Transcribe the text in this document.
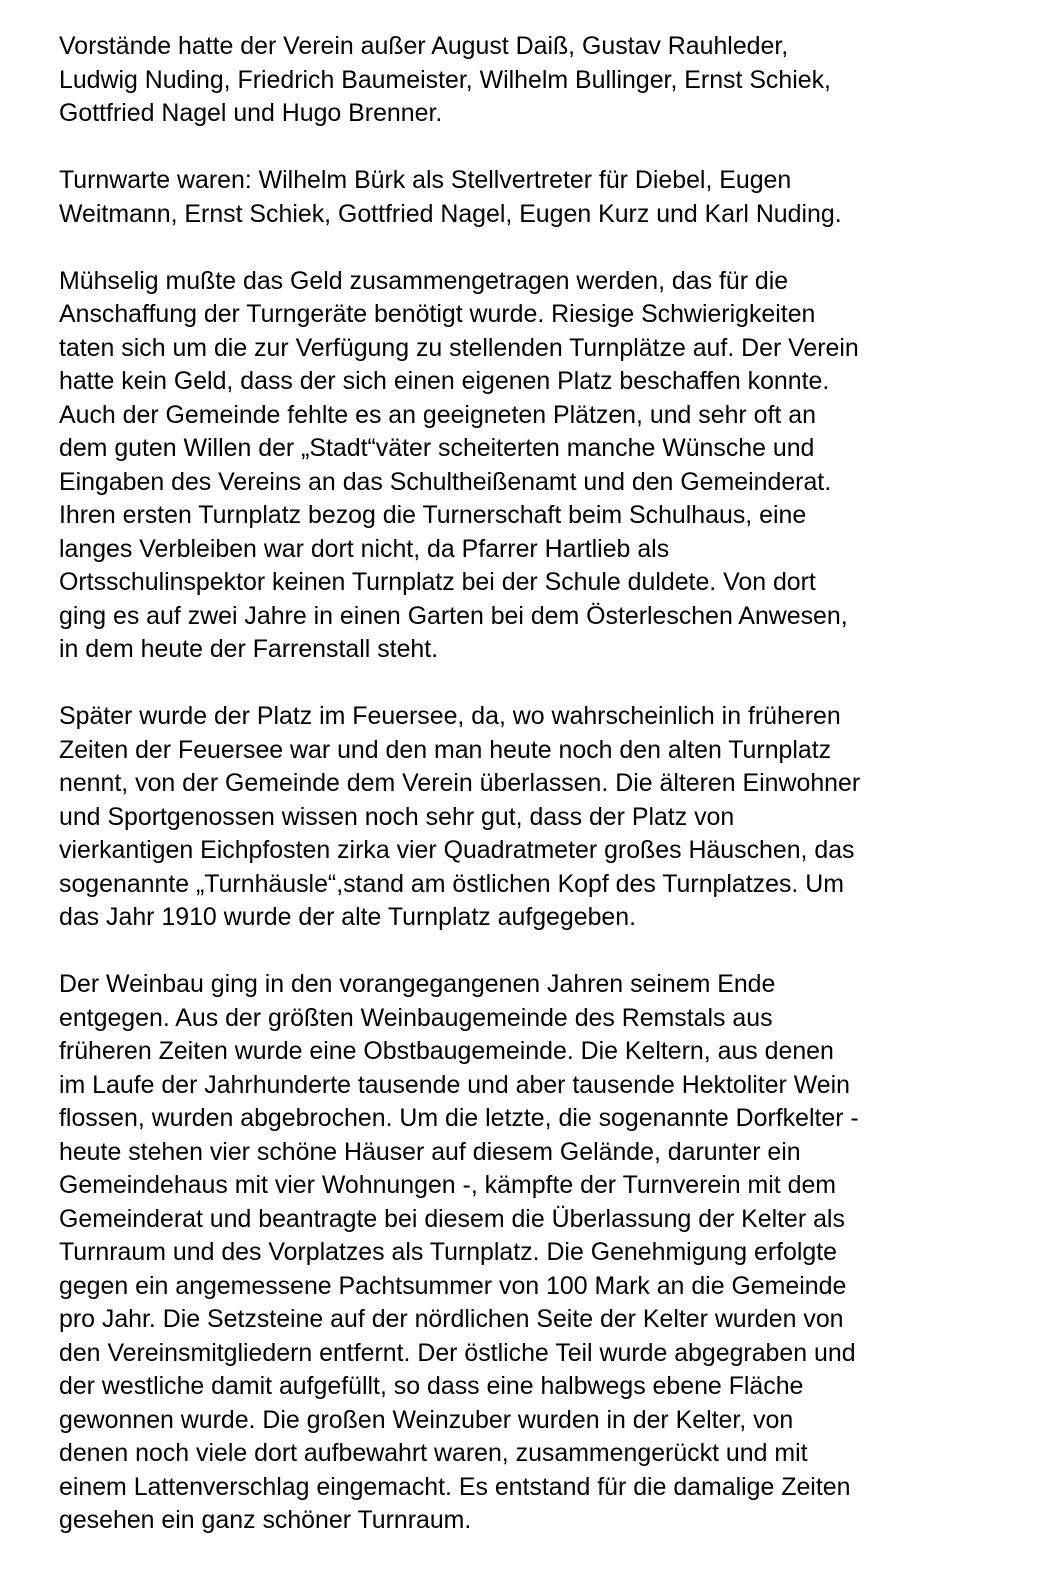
Vorstände hatte der Verein außer August Daiß, Gustav Rauhleder,
Ludwig Nuding, Friedrich Baumeister, Wilhelm Bullinger, Ernst Schiek,
Gottfried Nagel und Hugo Brenner.

Turnwarte waren: Wilhelm Bürk als Stellvertreter für Diebel, Eugen
Weitmann, Ernst Schiek, Gottfried Nagel, Eugen Kurz und Karl Nuding.

Mühselig mußte das Geld zusammengetragen werden, das für die
Anschaffung der Turngeräte benötigt wurde. Riesige Schwierigkeiten
taten sich um die zur Verfügung zu stellenden Turnplätze auf. Der Verein
hatte kein Geld, dass der sich einen eigenen Platz beschaffen konnte.
Auch der Gemeinde fehlte es an geeigneten Plätzen, und sehr oft an
dem guten Willen der „Stadt“väter scheiterten manche Wünsche und
Eingaben des Vereins an das Schultheißenamt und den Gemeinderat.
Ihren ersten Turnplatz bezog die Turnerschaft beim Schulhaus, eine
langes Verbleiben war dort nicht, da Pfarrer Hartlieb als
Ortsschulinspektor keinen Turnplatz bei der Schule duldete. Von dort
ging es auf zwei Jahre in einen Garten bei dem Österleschen Anwesen,
in dem heute der Farrenstall steht.

Später wurde der Platz im Feuersee, da, wo wahrscheinlich in früheren
Zeiten der Feuersee war und den man heute noch den alten Turnplatz
nennt, von der Gemeinde dem Verein überlassen. Die älteren Einwohner
und Sportgenossen wissen noch sehr gut, dass der Platz von
vierkantigen Eichpfosten zirka vier Quadratmeter großes Häuschen, das
sogenannte „Turnhäusle“,stand am östlichen Kopf des Turnplatzes. Um
das Jahr 1910 wurde der alte Turnplatz aufgegeben.

Der Weinbau ging in den vorangegangenen Jahren seinem Ende
entgegen. Aus der größten Weinbaugemeinde des Remstals aus
früheren Zeiten wurde eine Obstbaugemeinde. Die Keltern, aus denen
im Laufe der Jahrhunderte tausende und aber tausende Hektoliter Wein
flossen, wurden abgebrochen. Um die letzte, die sogenannte Dorfkelter -
heute stehen vier schöne Häuser auf diesem Gelände, darunter ein
Gemeindehaus mit vier Wohnungen -, kämpfte der Turnverein mit dem
Gemeinderat und beantragte bei diesem die Überlassung der Kelter als
Turnraum und des Vorplatzes als Turnplatz. Die Genehmigung erfolgte
gegen ein angemessene Pachtsummer von 100 Mark an die Gemeinde
pro Jahr. Die Setzsteine auf der nördlichen Seite der Kelter wurden von
den Vereinsmitgliedern entfernt. Der östliche Teil wurde abgegraben und
der westliche damit aufgefüllt, so dass eine halbwegs ebene Fläche
gewonnen wurde. Die großen Weinzuber wurden in der Kelter, von
denen noch viele dort aufbewahrt waren, zusammengerückt und mit
einem Lattenverschlag eingemacht. Es entstand für die damalige Zeiten
gesehen ein ganz schöner Turnraum.
